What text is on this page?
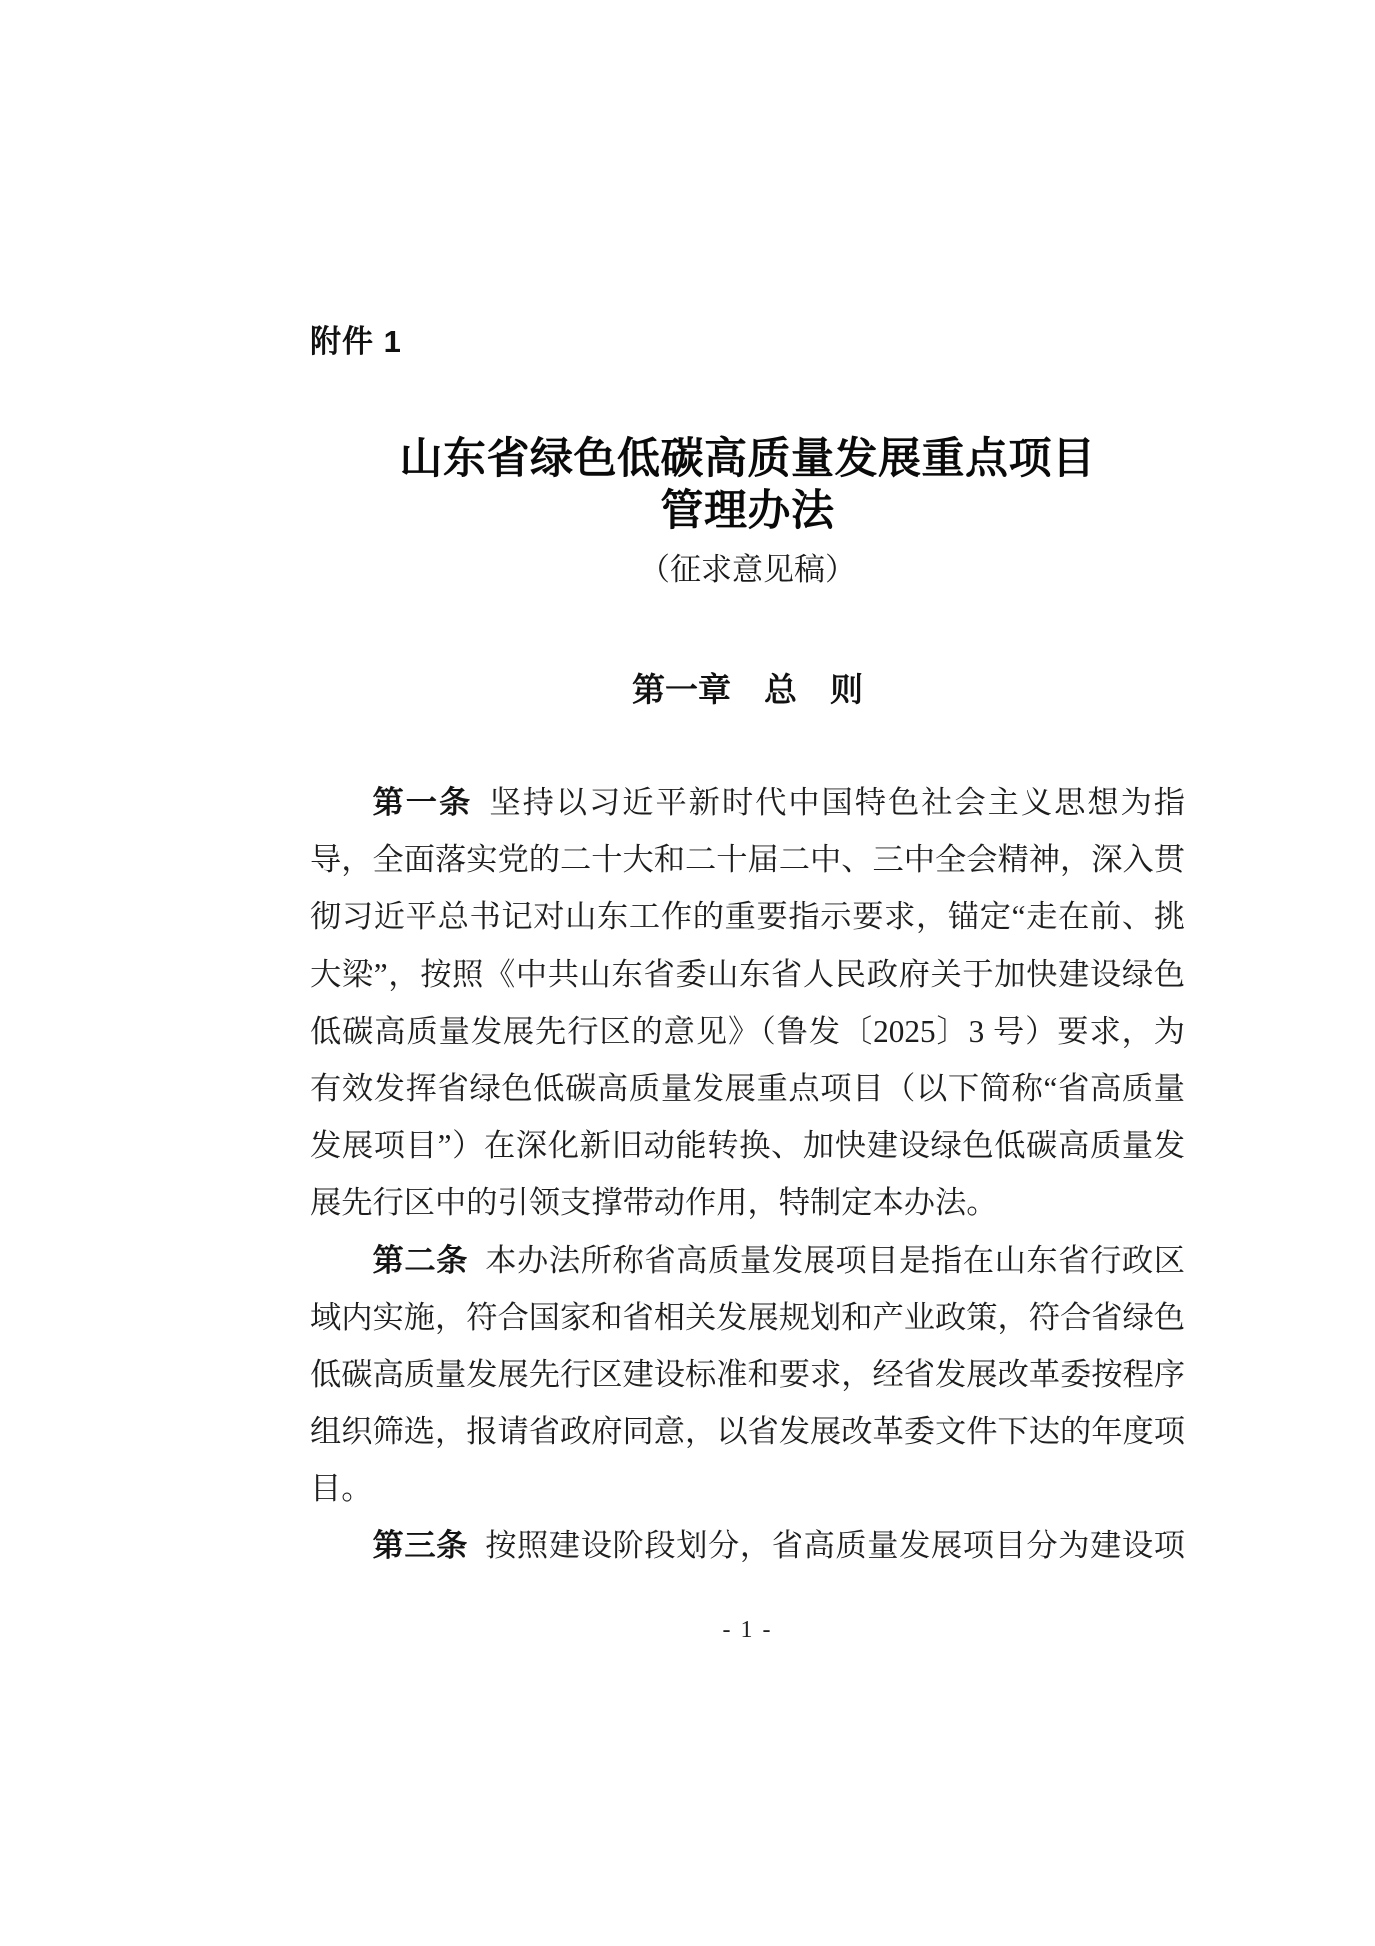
附件 1
山东省绿色低碳高质量发展重点项目
管理办法
（征求意见稿）
第一章　总　则
第一条 坚持以习近平新时代中国特色社会主义思想为指
导，全面落实党的二十大和二十届二中、三中全会精神，深入贯
彻习近平总书记对山东工作的重要指示要求，锚定“走在前、挑
大梁”，按照《中共山东省委山东省人民政府关于加快建设绿色
低碳高质量发展先行区的意见》（鲁发〔2025〕3 号）要求，为
有效发挥省绿色低碳高质量发展重点项目（以下简称“省高质量
发展项目”）在深化新旧动能转换、加快建设绿色低碳高质量发
展先行区中的引领支撑带动作用，特制定本办法。
第二条 本办法所称省高质量发展项目是指在山东省行政区
域内实施，符合国家和省相关发展规划和产业政策，符合省绿色
低碳高质量发展先行区建设标准和要求，经省发展改革委按程序
组织筛选，报请省政府同意，以省发展改革委文件下达的年度项
目。
第三条 按照建设阶段划分，省高质量发展项目分为建设项
- 1 -
